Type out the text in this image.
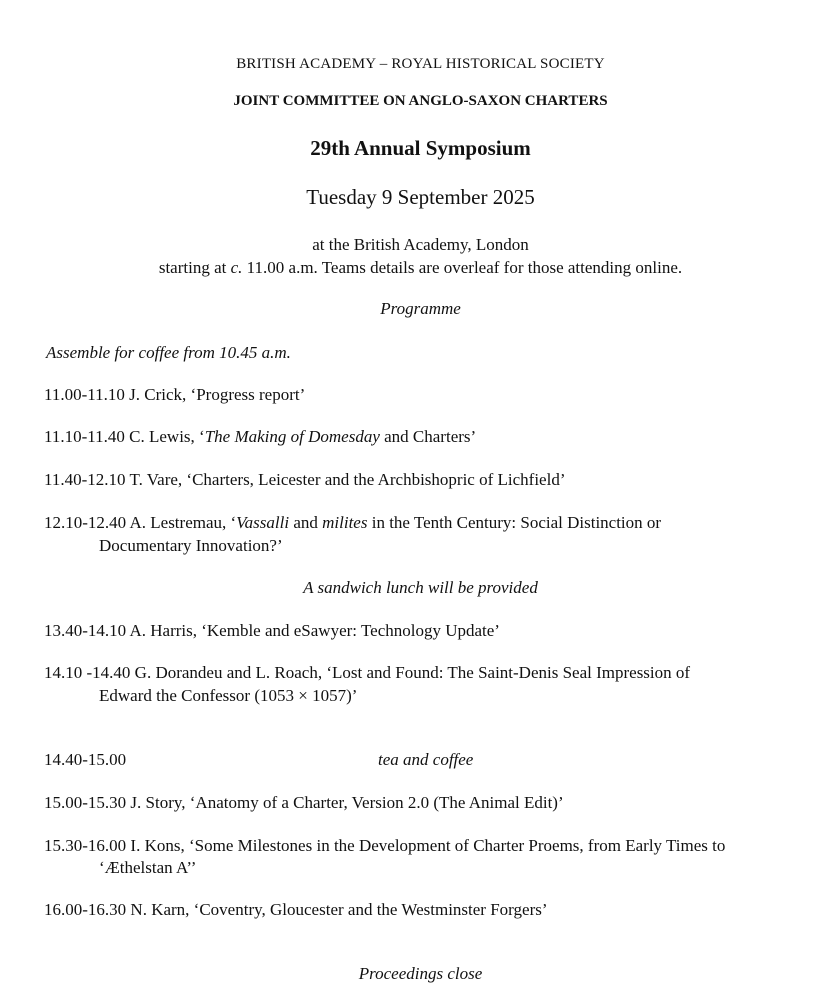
BRITISH ACADEMY – ROYAL HISTORICAL SOCIETY
JOINT COMMITTEE ON ANGLO-SAXON CHARTERS
29th Annual Symposium
Tuesday 9 September 2025
at the British Academy, London
starting at c. 11.00 a.m. Teams details are overleaf for those attending online.
Programme
Assemble for coffee from 10.45 a.m.
11.00-11.10 J. Crick, ‘Progress report’
11.10-11.40 C. Lewis, ‘The Making of Domesday and Charters’
11.40-12.10 T. Vare, ‘Charters, Leicester and the Archbishopric of Lichfield’
12.10-12.40 A. Lestremau, ‘Vassalli and milites in the Tenth Century: Social Distinction or
Documentary Innovation?’
A sandwich lunch will be provided
13.40-14.10 A. Harris, ‘Kemble and eSawyer: Technology Update’
14.10 -14.40 G. Dorandeu and L. Roach, ‘Lost and Found: The Saint-Denis Seal Impression of
Edward the Confessor (1053 × 1057)’
14.40-15.00	tea and coffee
15.00-15.30 J. Story, ‘Anatomy of a Charter, Version 2.0 (The Animal Edit)’
15.30-16.00 I. Kons, ‘Some Milestones in the Development of Charter Proems, from Early Times to
‘Æthelstan A’’
16.00-16.30 N. Karn, ‘Coventry, Gloucester and the Westminster Forgers’
Proceedings close
